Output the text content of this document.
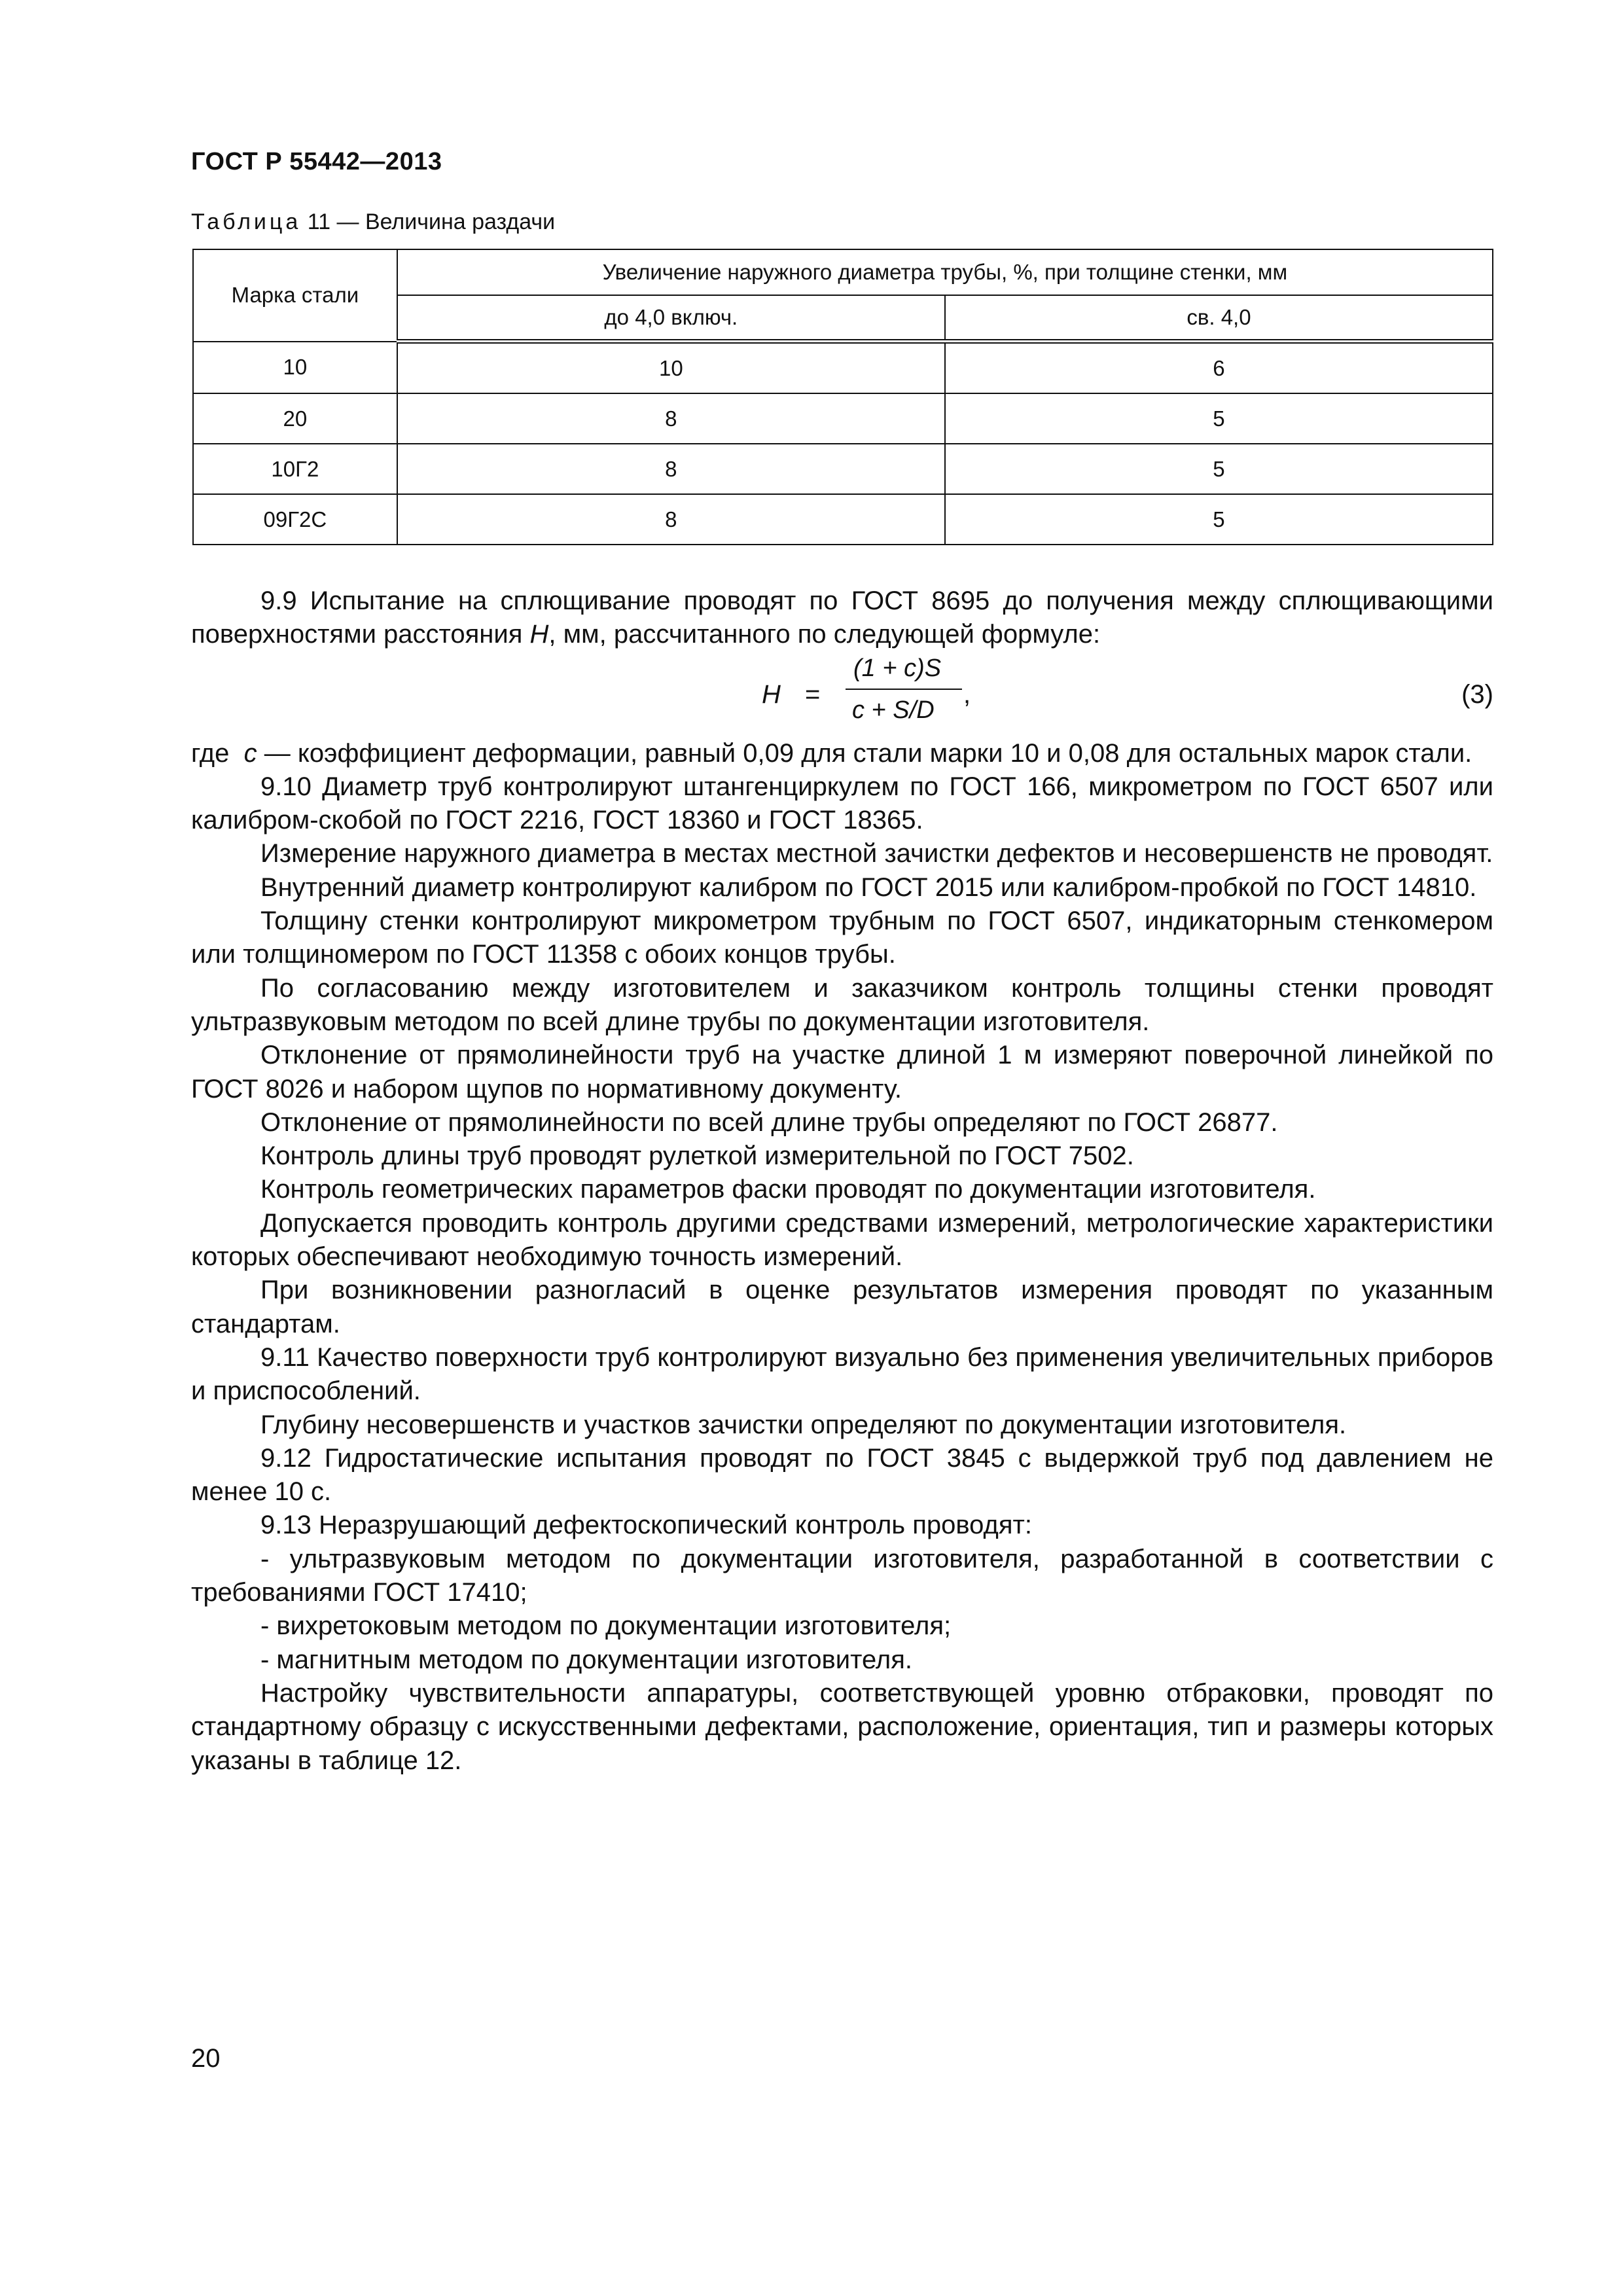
ГОСТ Р 55442—2013
Таблица 11 — Величина раздачи
Марка стали	Увеличение наружного диаметра трубы, %, при толщине стенки, мм	
	до 4,0 включ.	св. 4,0
10	10	6
20	8	5
10Г2	8	5
09Г2С	8	5

9.9 Испытание на сплющивание проводят по ГОСТ 8695 до получения между сплющивающими поверхностями расстояния H, мм, рассчитанного по следующей формуле:

H =
(1 + c)S
c + S/D
,	(3)

где c — коэффициент деформации, равный 0,09 для стали марки 10 и 0,08 для остальных марок стали.

9.10 Диаметр труб контролируют штангенциркулем по ГОСТ 166, микрометром по ГОСТ 6507 или калибром-скобой по ГОСТ 2216, ГОСТ 18360 и ГОСТ 18365.

Измерение наружного диаметра в местах местной зачистки дефектов и несовершенств не проводят.

Внутренний диаметр контролируют калибром по ГОСТ 2015 или калибром-пробкой по ГОСТ 14810.

Толщину стенки контролируют микрометром трубным по ГОСТ 6507, индикаторным стенкомером или толщиномером по ГОСТ 11358 с обоих концов трубы.

По согласованию между изготовителем и заказчиком контроль толщины стенки проводят ультразвуковым методом по всей длине трубы по документации изготовителя.

Отклонение от прямолинейности труб на участке длиной 1 м измеряют поверочной линейкой по ГОСТ 8026 и набором щупов по нормативному документу.

Отклонение от прямолинейности по всей длине трубы определяют по ГОСТ 26877.

Контроль длины труб проводят рулеткой измерительной по ГОСТ 7502.

Контроль геометрических параметров фаски проводят по документации изготовителя.

Допускается проводить контроль другими средствами измерений, метрологические характеристики которых обеспечивают необходимую точность измерений.

При возникновении разногласий в оценке результатов измерения проводят по указанным стандартам.

9.11 Качество поверхности труб контролируют визуально без применения увеличительных приборов и приспособлений.

Глубину несовершенств и участков зачистки определяют по документации изготовителя.

9.12 Гидростатические испытания проводят по ГОСТ 3845 с выдержкой труб под давлением не менее 10 с.

9.13 Неразрушающий дефектоскопический контроль проводят:

- ультразвуковым методом по документации изготовителя, разработанной в соответствии с требованиями ГОСТ 17410;

- вихретоковым методом по документации изготовителя;

- магнитным методом по документации изготовителя.

Настройку чувствительности аппаратуры, соответствующей уровню отбраковки, проводят по стандартному образцу с искусственными дефектами, расположение, ориентация, тип и размеры которых указаны в таблице 12.

20
